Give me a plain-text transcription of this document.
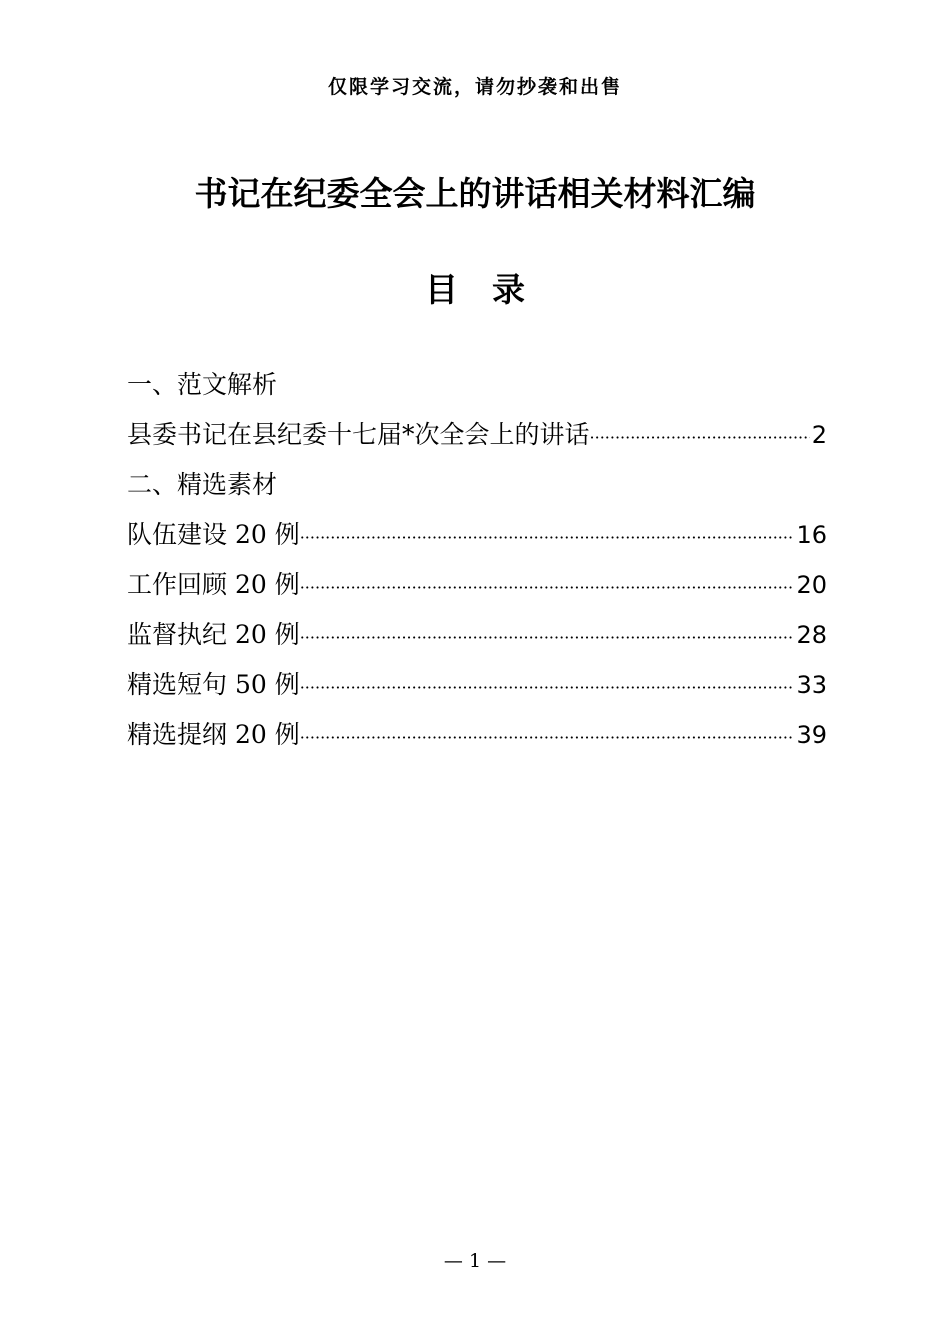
仅限学习交流，请勿抄袭和出售
书记在纪委全会上的讲话相关材料汇编
目 录
一、范文解析
县委书记在县纪委十七届*次全会上的讲话 ·····	2
二、精选素材
队伍建设 20 例 ·····	16
工作回顾 20 例 ·····	20
监督执纪 20 例 ·····	28
精选短句 50 例 ·····	33
精选提纲 20 例 ·····	39
— 1 —
